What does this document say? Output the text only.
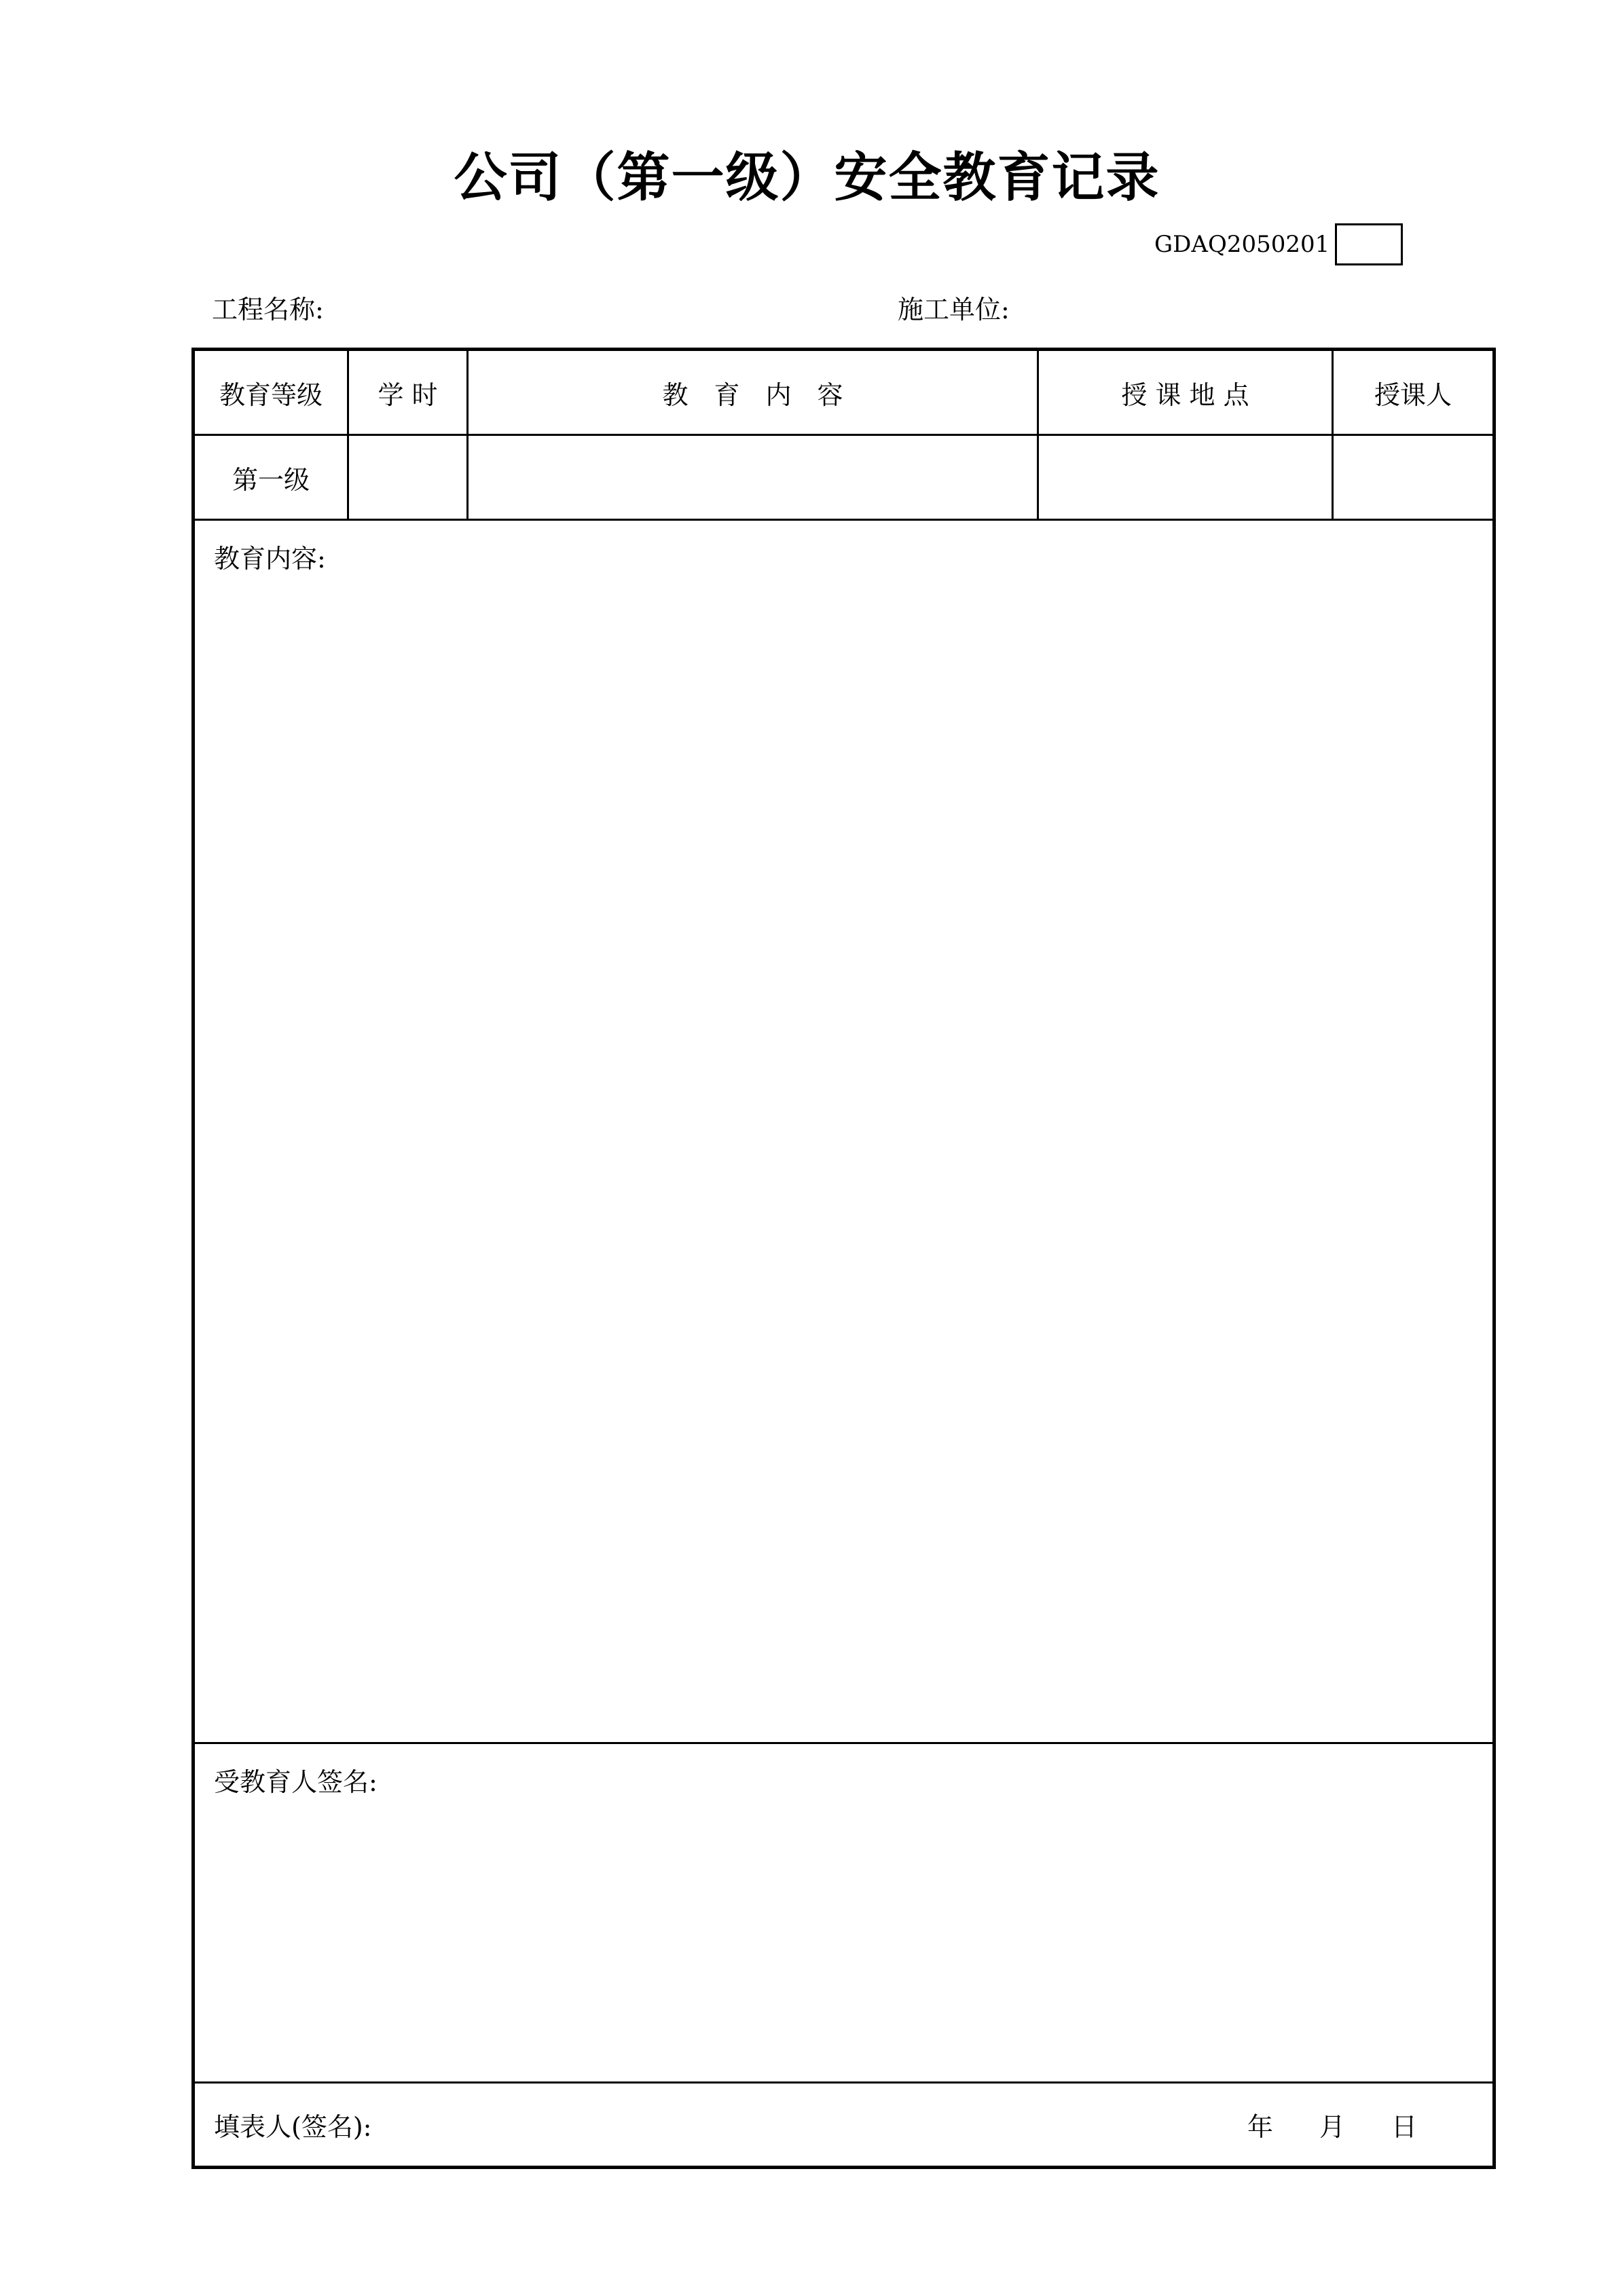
公司（第一级）安全教育记录
GDAQ2050201
工程名称:	施工单位:
教育等级	学 时	教　育　内　容	授 课 地 点	授课人
第一级
教育内容:
受教育人签名:
填表人(签名):	年 月 日
